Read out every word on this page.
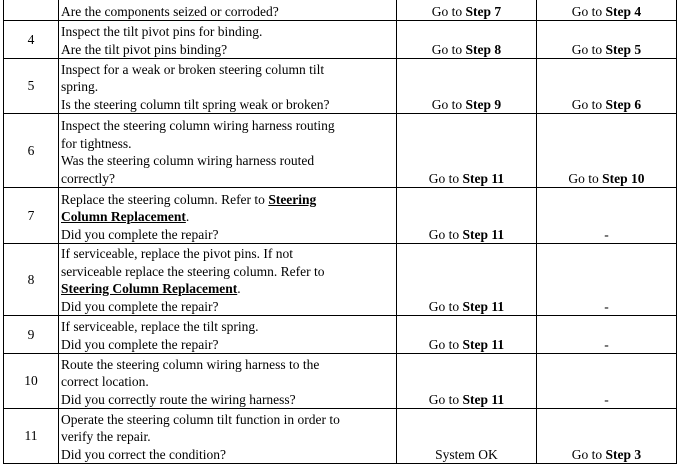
	Are the components seized or corroded?	Go to Step 7	Go to Step 4
4	Inspect the tilt pivot pins for binding.
Are the tilt pivot pins binding?	Go to Step 8	Go to Step 5
5	Inspect for a weak or broken steering column tilt
spring.
Is the steering column tilt spring weak or broken?	Go to Step 9	Go to Step 6
6	Inspect the steering column wiring harness routing
for tightness.
Was the steering column wiring harness routed
correctly?	Go to Step 11	Go to Step 10
7	Replace the steering column. Refer to Steering
Column Replacement.
Did you complete the repair?	Go to Step 11	-
8	If serviceable, replace the pivot pins. If not
serviceable replace the steering column. Refer to
Steering Column Replacement.
Did you complete the repair?	Go to Step 11	-
9	If serviceable, replace the tilt spring.
Did you complete the repair?	Go to Step 11	-
10	Route the steering column wiring harness to the
correct location.
Did you correctly route the wiring harness?	Go to Step 11	-
11	Operate the steering column tilt function in order to
verify the repair.
Did you correct the condition?	System OK	Go to Step 3
